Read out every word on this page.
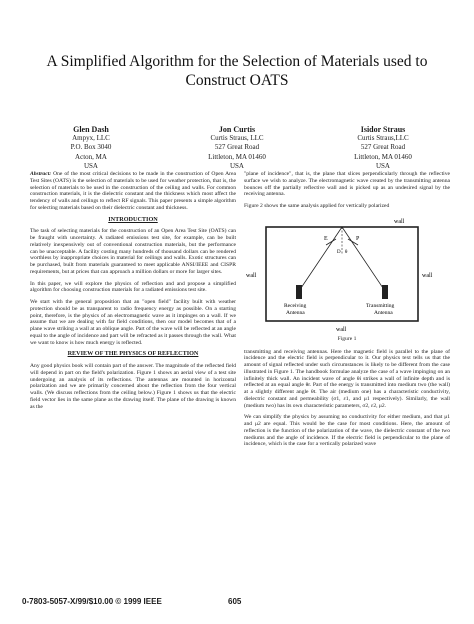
A Simplified Algorithm for the Selection of Materials used to
Construct OATS
Glen Dash
Ampyx, LLC
P.O. Box 3040
Acton, MA
USA
Jon Curtis
Curtis Straus, LLC
527 Great Road
Littleton, MA 01460
USA
Isidor Straus
Curtis Straus,LLC
527 Great Road
Littleton, MA 01460
USA

Abstract: One of the most critical decisions to be made in the construction of Open Area Test Sites (OATS) is the selection of materials to be used for weather protection, that is, the selection of materials to be used in the construction of the ceiling and walls. For common construction materials, it is the dielectric constant and the thickness which most affect the tendency of walls and ceilings to reflect RF signals. This paper presents a simple algorithm for selecting materials based on their dielectric constant and thickness.

INTRODUCTION

The task of selecting materials for the construction of an Open Area Test Site (OATS) can be fraught with uncertainty. A radiated emissions test site, for example, can be built relatively inexpensively out of conventional construction materials, but the performance can be unacceptable. A facility costing many hundreds of thousand dollars can be rendered worthless by inappropriate choices in material for ceilings and walls. Exotic structures can be purchased, built from materials guaranteed to meet applicable ANSI/IEEE and CISPR requirements, but at prices that can approach a million dollars or more for larger sites.

In this paper, we will explore the physics of reflection and and propose a simplified algorithm for choosing construction materials for a radiated emissions test site.

We start with the general proposition that an "open field" facility built with weather protection should be as transparent to radio frequency energy as possible. On a starting point, therefore, is the physics of an electromagnetic wave as it impinges on a wall. If we assume that we are dealing with far field conditions, then our model becomes that of a plane wave striking a wall at an oblique angle. Part of the wave will be reflected at an angle equal to the angle of incidence and part will be refracted as it passes through the wall. What we want to know is how much energy is reflected.

REVIEW OF THE PHYSICS OF REFLECTION

Any good physics book will contain part of the answer. The magnitude of the reflected field will depend in part on the field's polarization. Figure 1 shows an aerial view of a test site undergoing an analysis of its reflections. The antennas are mounted in horizontal polarization and we are primarily concerned about the reflection from the four vertical walls. (We discuss reflections from the ceiling below.) Figure 1 shows us that the electric field vector lies in the same plane as the drawing itself. The plane of the drawing is known as the

"plane of incidence", that is, the plane that slices perpendicularly through the reflective surface we wish to analyze. The electromagnetic wave created by the transmitting antenna bounces off the partially reflective wall and is picked up as an undesired signal by the receiving antenna.

Figure 2 shows the same analysis applied for vertically polarized

wall
wall	wall
wall
E	P
D θ
Receiving
Antenna
Transmitting
Antenna
Figure 1

transmitting and receiving antennas. Here the magnetic field is parallel to the plane of incidence and the electric field is perpendicular to it. Our physics text tells us that the amount of signal reflected under such circumstances is likely to be different from the case illustrated in Figure 1. The handbook formulae analyze the case of a wave impinging on an infinitely thick wall. An incident wave of angle θi strikes a wall of infinite depth and is reflected at an equal angle θr. Part of the energy is transmitted into medium two (the wall) at a slightly different angle θt. The air (medium one) has a characteristic conductivity, dielectric constant and permeability (σ1, ε1, and μ1 respectively). Similarly, the wall (medium two) has its own characteristic parameters, σ2, ε2, μ2.

We can simplify the physics by assuming no conductivity for either medium, and that μ1 and μ2 are equal. This would be the case for most conditions. Here, the amount of reflection is the function of the polarization of the wave, the dielectric constant of the two mediums and the angle of incidence. If the electric field is perpendicular to the plane of incidence, which is the case for a vertically polarized wave

0-7803-5057-X/99/$10.00 © 1999 IEEE	605
